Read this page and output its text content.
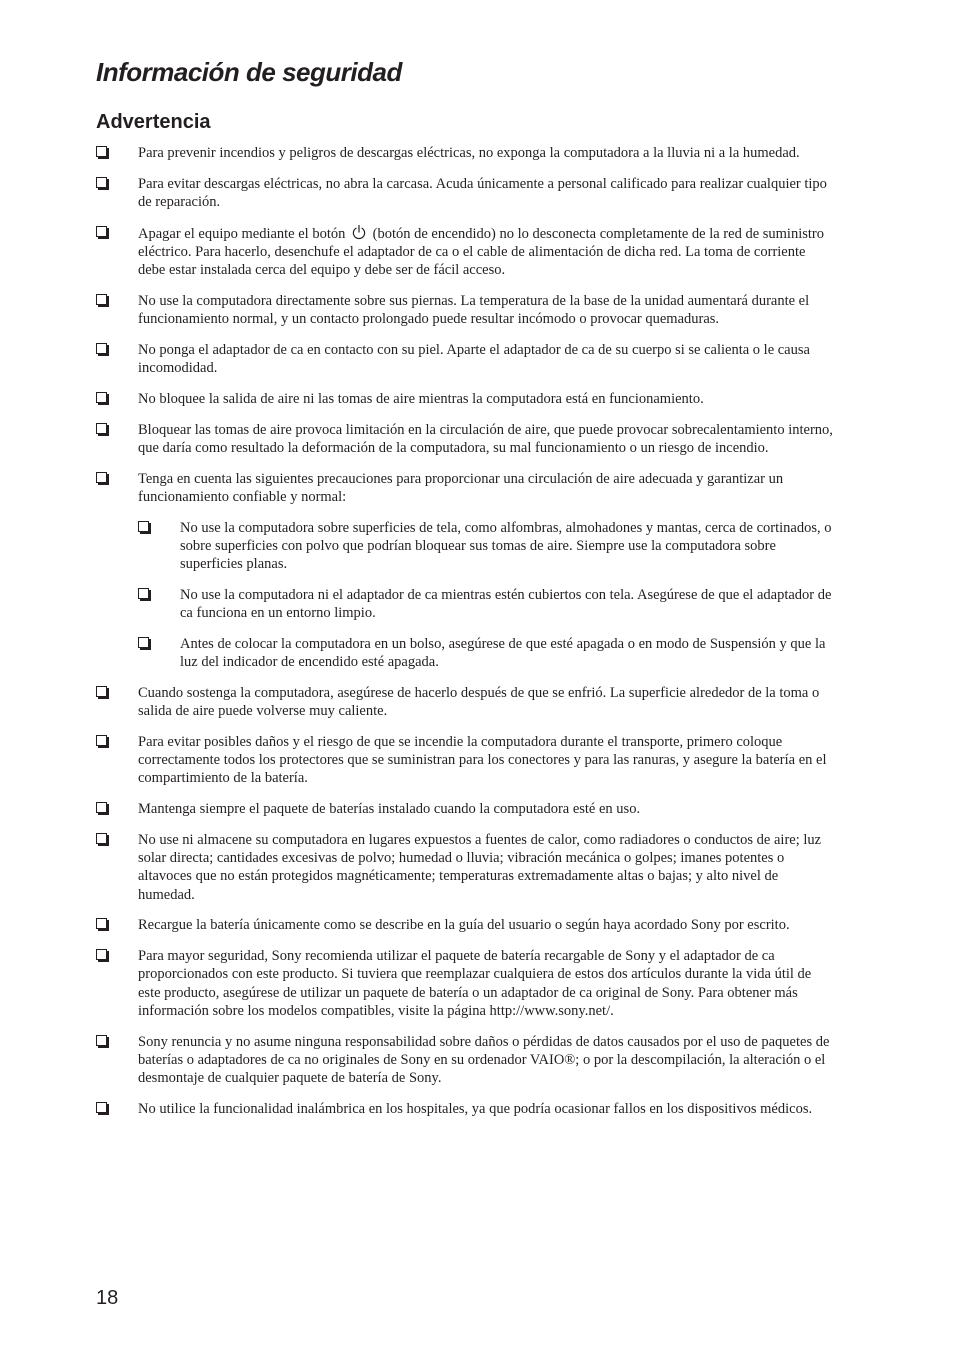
Información de seguridad
Advertencia
Para prevenir incendios y peligros de descargas eléctricas, no exponga la computadora a la lluvia ni a la humedad.
Para evitar descargas eléctricas, no abra la carcasa. Acuda únicamente a personal calificado para realizar cualquier tipo de reparación.
Apagar el equipo mediante el botón (botón de encendido) no lo desconecta completamente de la red de suministro eléctrico. Para hacerlo, desenchufe el adaptador de ca o el cable de alimentación de dicha red. La toma de corriente debe estar instalada cerca del equipo y debe ser de fácil acceso.
No use la computadora directamente sobre sus piernas. La temperatura de la base de la unidad aumentará durante el funcionamiento normal, y un contacto prolongado puede resultar incómodo o provocar quemaduras.
No ponga el adaptador de ca en contacto con su piel. Aparte el adaptador de ca de su cuerpo si se calienta o le causa incomodidad.
No bloquee la salida de aire ni las tomas de aire mientras la computadora está en funcionamiento.
Bloquear las tomas de aire provoca limitación en la circulación de aire, que puede provocar sobrecalentamiento interno, que daría como resultado la deformación de la computadora, su mal funcionamiento o un riesgo de incendio.
Tenga en cuenta las siguientes precauciones para proporcionar una circulación de aire adecuada y garantizar un funcionamiento confiable y normal:
No use la computadora sobre superficies de tela, como alfombras, almohadones y mantas, cerca de cortinados, o sobre superficies con polvo que podrían bloquear sus tomas de aire. Siempre use la computadora sobre superficies planas.
No use la computadora ni el adaptador de ca mientras estén cubiertos con tela. Asegúrese de que el adaptador de ca funciona en un entorno limpio.
Antes de colocar la computadora en un bolso, asegúrese de que esté apagada o en modo de Suspensión y que la luz del indicador de encendido esté apagada.
Cuando sostenga la computadora, asegúrese de hacerlo después de que se enfrió. La superficie alrededor de la toma o salida de aire puede volverse muy caliente.
Para evitar posibles daños y el riesgo de que se incendie la computadora durante el transporte, primero coloque correctamente todos los protectores que se suministran para los conectores y para las ranuras, y asegure la batería en el compartimiento de la batería.
Mantenga siempre el paquete de baterías instalado cuando la computadora esté en uso.
No use ni almacene su computadora en lugares expuestos a fuentes de calor, como radiadores o conductos de aire; luz solar directa; cantidades excesivas de polvo; humedad o lluvia; vibración mecánica o golpes; imanes potentes o altavoces que no están protegidos magnéticamente; temperaturas extremadamente altas o bajas; y alto nivel de humedad.
Recargue la batería únicamente como se describe en la guía del usuario o según haya acordado Sony por escrito.
Para mayor seguridad, Sony recomienda utilizar el paquete de batería recargable de Sony y el adaptador de ca proporcionados con este producto. Si tuviera que reemplazar cualquiera de estos dos artículos durante la vida útil de este producto, asegúrese de utilizar un paquete de batería o un adaptador de ca original de Sony. Para obtener más información sobre los modelos compatibles, visite la página http://www.sony.net/.
Sony renuncia y no asume ninguna responsabilidad sobre daños o pérdidas de datos causados por el uso de paquetes de baterías o adaptadores de ca no originales de Sony en su ordenador VAIO®; o por la descompilación, la alteración o el desmontaje de cualquier paquete de batería de Sony.
No utilice la funcionalidad inalámbrica en los hospitales, ya que podría ocasionar fallos en los dispositivos médicos.
18
